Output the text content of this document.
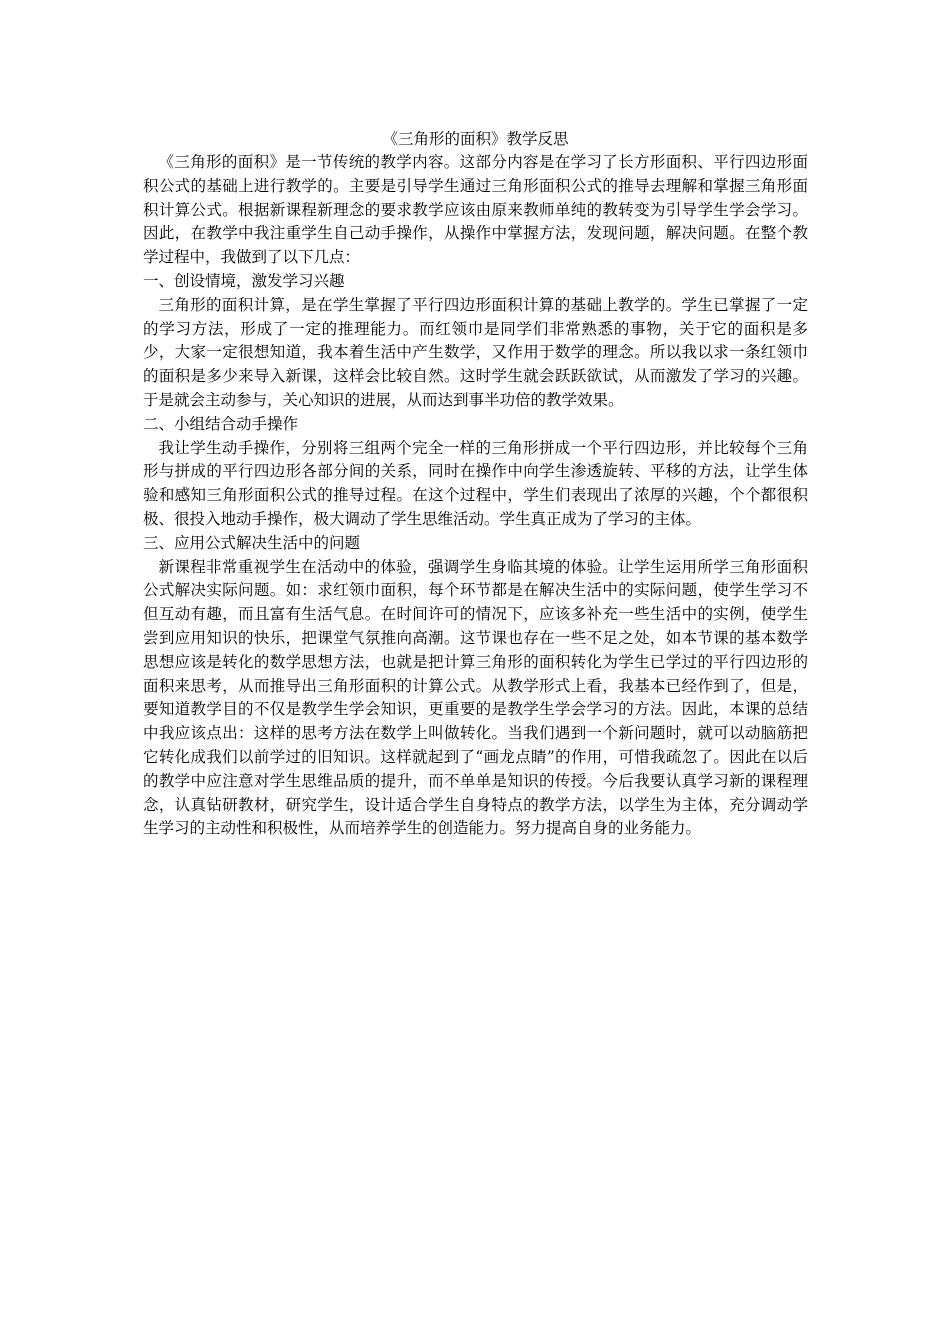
《三角形的面积》教学反思

《三角形的面积》是一节传统的教学内容。这部分内容是在学习了长方形面积、平行四边形面积公式的基础上进行教学的。主要是引导学生通过三角形面积公式的推导去理解和掌握三角形面积计算公式。根据新课程新理念的要求教学应该由原来教师单纯的教转变为引导学生学会学习。因此，在教学中我注重学生自己动手操作，从操作中掌握方法，发现问题，解决问题。在整个教学过程中，我做到了以下几点：

一、创设情境，激发学习兴趣

三角形的面积计算，是在学生掌握了平行四边形面积计算的基础上教学的。学生已掌握了一定的学习方法，形成了一定的推理能力。而红领巾是同学们非常熟悉的事物，关于它的面积是多少，大家一定很想知道，我本着生活中产生数学，又作用于数学的理念。所以我以求一条红领巾的面积是多少来导入新课，这样会比较自然。这时学生就会跃跃欲试，从而激发了学习的兴趣。于是就会主动参与，关心知识的进展，从而达到事半功倍的教学效果。

二、小组结合动手操作

我让学生动手操作，分别将三组两个完全一样的三角形拼成一个平行四边形，并比较每个三角形与拼成的平行四边形各部分间的关系，同时在操作中向学生渗透旋转、平移的方法，让学生体验和感知三角形面积公式的推导过程。在这个过程中，学生们表现出了浓厚的兴趣，个个都很积极、很投入地动手操作，极大调动了学生思维活动。学生真正成为了学习的主体。

三、应用公式解决生活中的问题

新课程非常重视学生在活动中的体验，强调学生身临其境的体验。让学生运用所学三角形面积公式解决实际问题。如：求红领巾面积，每个环节都是在解决生活中的实际问题，使学生学习不但互动有趣，而且富有生活气息。在时间许可的情况下，应该多补充一些生活中的实例，使学生尝到应用知识的快乐，把课堂气氛推向高潮。这节课也存在一些不足之处，如本节课的基本数学思想应该是转化的数学思想方法，也就是把计算三角形的面积转化为学生已学过的平行四边形的面积来思考，从而推导出三角形面积的计算公式。从教学形式上看，我基本已经作到了，但是，要知道教学目的不仅是教学生学会知识，更重要的是教学生学会学习的方法。因此，本课的总结中我应该点出：这样的思考方法在数学上叫做转化。当我们遇到一个新问题时，就可以动脑筋把它转化成我们以前学过的旧知识。这样就起到了“画龙点睛”的作用，可惜我疏忽了。因此在以后的教学中应注意对学生思维品质的提升，而不单单是知识的传授。今后我要认真学习新的课程理念，认真钻研教材，研究学生，设计适合学生自身特点的教学方法，以学生为主体，充分调动学生学习的主动性和积极性，从而培养学生的创造能力。努力提高自身的业务能力。
